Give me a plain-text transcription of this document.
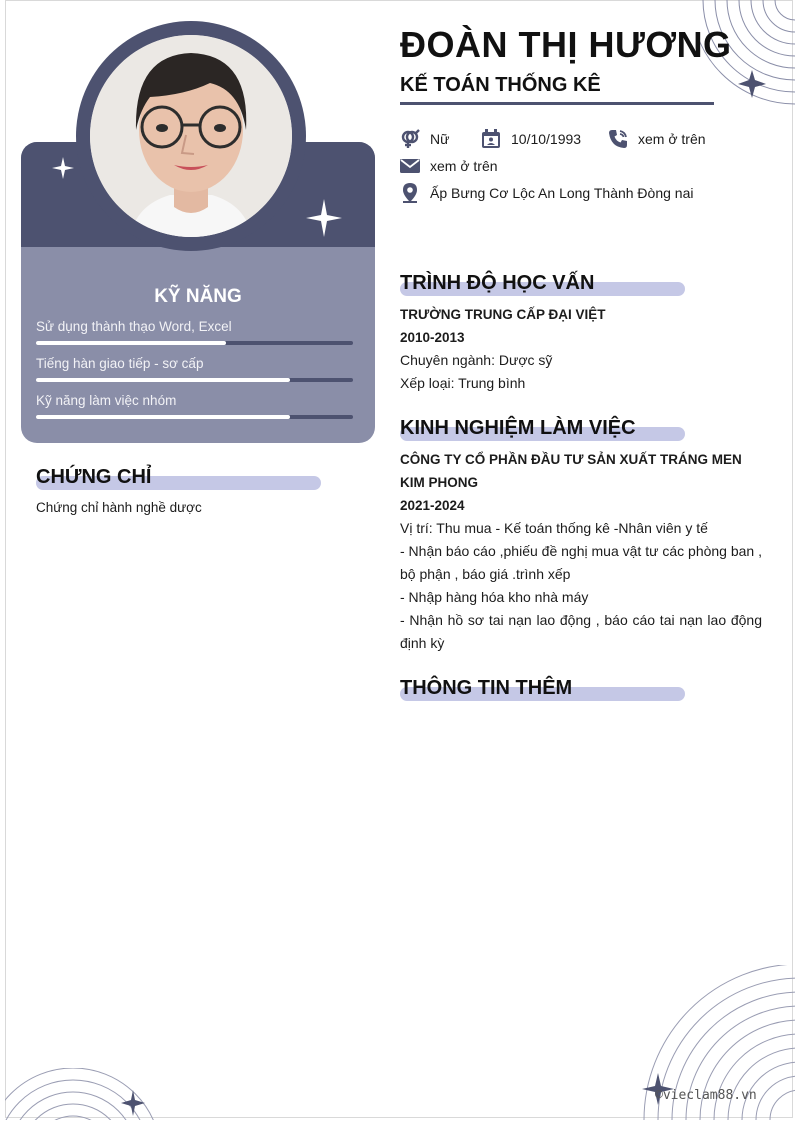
KỸ NĂNG
Sử dụng thành thạo Word, Excel
Tiếng hàn giao tiếp - sơ cấp
Kỹ năng làm việc nhóm
CHỨNG CHỈ
Chứng chỉ hành nghề dược
ĐOÀN THỊ HƯƠNG
KẾ TOÁN THỐNG KÊ
Nữ	10/10/1993	xem ở trên
xem ở trên
Ấp Bưng Cơ Lộc An Long Thành Đòng nai
TRÌNH ĐỘ HỌC VẤN
TRƯỜNG TRUNG CẤP ĐẠI VIỆT
2010-2013
Chuyên ngành: Dược sỹ
Xếp loại: Trung bình
KINH NGHIỆM LÀM VIỆC
CÔNG TY CỔ PHẦN ĐẦU TƯ SẢN XUẤT TRÁNG MEN KIM PHONG
2021-2024
Vị trí: Thu mua - Kế toán thống kê -Nhân viên y tế
- Nhận báo cáo ,phiếu đề nghị mua vật tư các phòng ban , bộ phận , báo giá .trình xếp
- Nhập hàng hóa kho nhà máy
- Nhận hồ sơ tai nạn lao động , báo cáo tai nạn lao động định kỳ
THÔNG TIN THÊM
©vieclam88.vn
